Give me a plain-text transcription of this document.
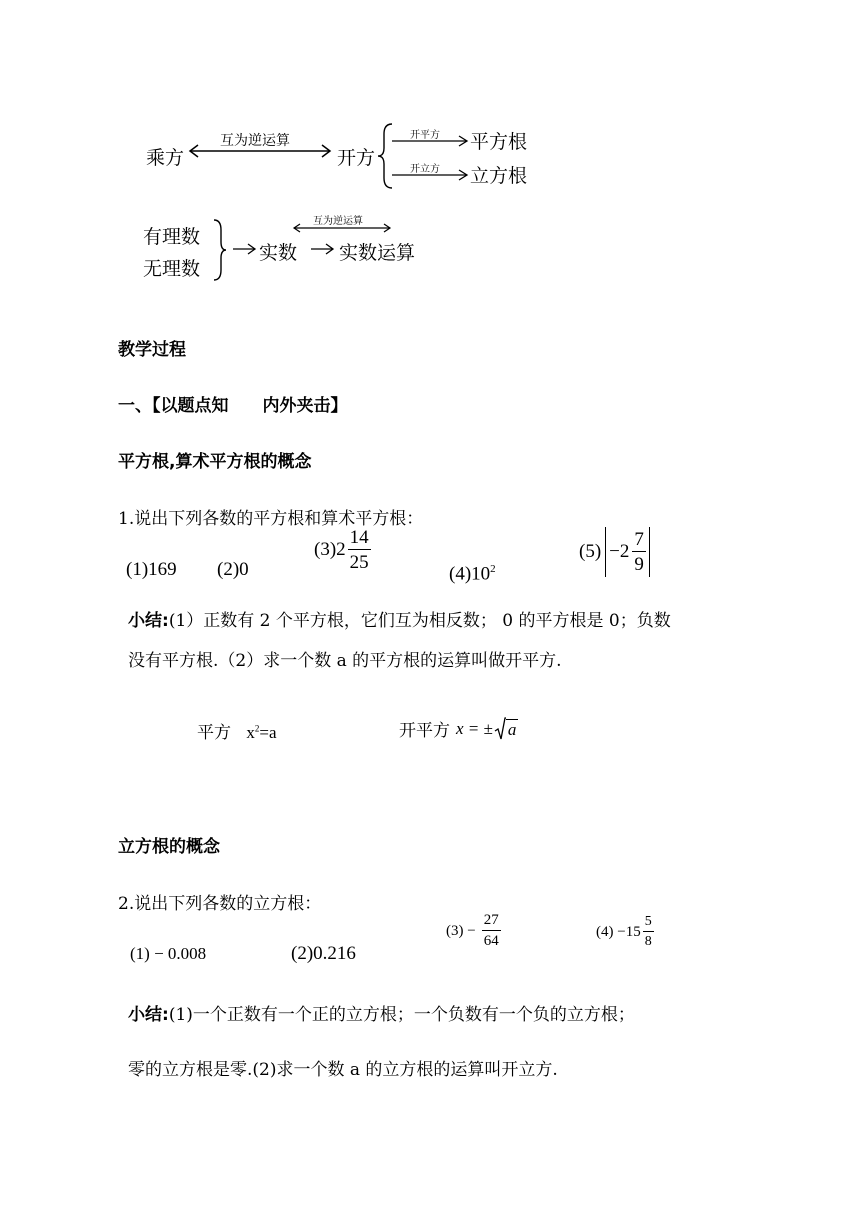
乘方
互为逆运算
开方
开平方 平方根
开立方 立方根
有理数
无理数
实数
互为逆运算
实数运算
教学过程
一、【以题点知　　内外夹击】
平方根,算术平方根的概念
1.说出下列各数的平方根和算术平方根：
(1)169 (2)0
$(3)2 \frac{14}{25}$
$(4)10^2$
$(5) -2 \frac{7}{9}$
小结:(1）正数有 2 个平方根，它们互为相反数； 0 的平方根是 0；负数
没有平方根.（2）求一个数 a 的平方根的运算叫做开平方.
平方 $x^2=a$	开平方 x = ± a
立方根的概念
2.说出下列各数的立方根：
(1) − 0.008	(2)0.216
$(3) - \frac{27}{64}$	$(4) -15 \frac{5}{8}$
小结:(1)一个正数有一个正的立方根；一个负数有一个负的立方根；
零的立方根是零.(2)求一个数 a 的立方根的运算叫开立方.
